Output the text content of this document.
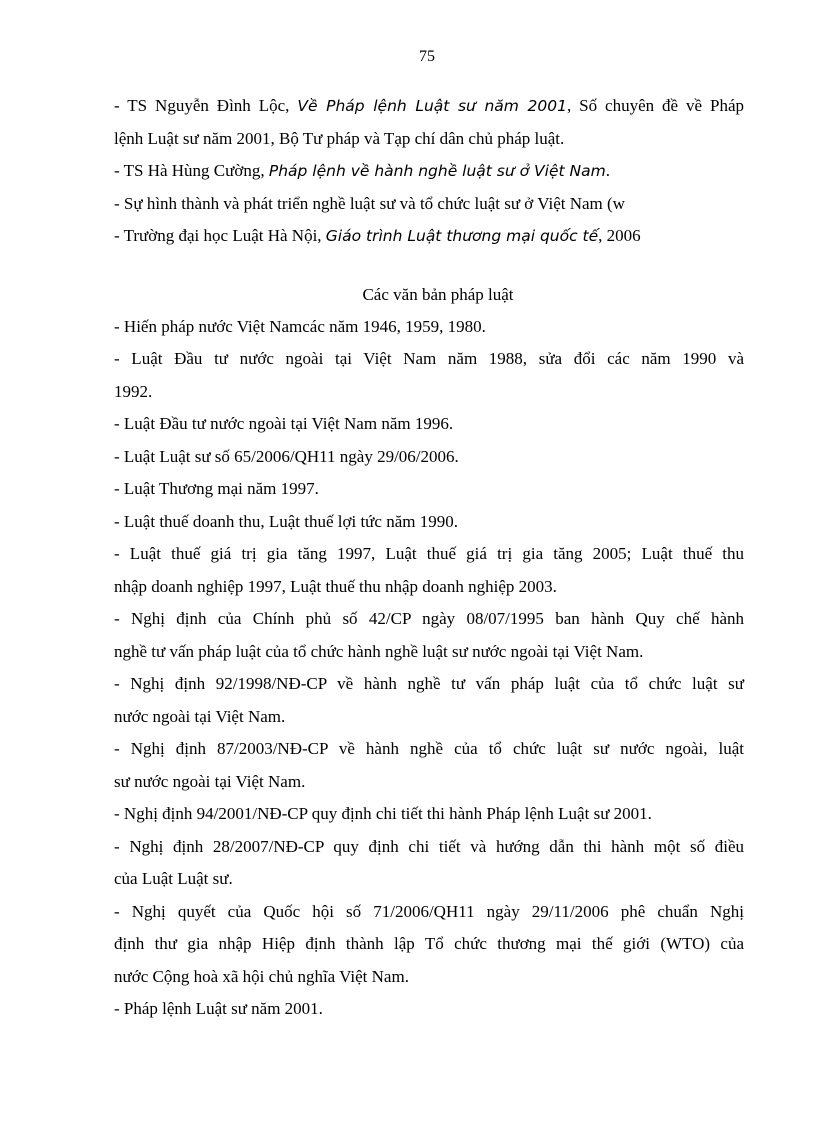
75
- TS Nguyễn Đình Lộc, Về Pháp lệnh Luật sư năm 2001, Số chuyên đề về Pháp
lệnh Luật sư năm 2001, Bộ Tư pháp và Tạp chí dân chủ pháp luật.
- TS Hà Hùng Cường, Pháp lệnh về hành nghề luật sư ở Việt Nam.
- Sự hình thành và phát triển nghề luật sư và tổ chức luật sư ở Việt Nam (w
- Trường đại học Luật Hà Nội, Giáo trình Luật thương mại quốc tế, 2006
Các văn bản pháp luật
- Hiến pháp nước Việt Namcác năm 1946, 1959, 1980.
- Luật Đầu tư nước ngoài tại Việt Nam năm 1988, sửa đổi các năm 1990 và
1992.
- Luật Đầu tư nước ngoài tại Việt Nam năm 1996.
- Luật Luật sư số 65/2006/QH11 ngày 29/06/2006.
- Luật Thương mại năm 1997.
- Luật thuế doanh thu, Luật thuế lợi tức năm 1990.
- Luật thuế giá trị gia tăng 1997, Luật thuế giá trị gia tăng 2005; Luật thuế thu
nhập doanh nghiệp 1997, Luật thuế thu nhập doanh nghiệp 2003.
- Nghị định của Chính phủ số 42/CP ngày 08/07/1995 ban hành Quy chế hành
nghề tư vấn pháp luật của tổ chức hành nghề luật sư nước ngoài tại Việt Nam.
- Nghị định 92/1998/NĐ-CP về hành nghề tư vấn pháp luật của tổ chức luật sư
nước ngoài tại Việt Nam.
- Nghị định 87/2003/NĐ-CP về hành nghề của tổ chức luật sư nước ngoài, luật
sư nước ngoài tại Việt Nam.
- Nghị định 94/2001/NĐ-CP quy định chi tiết thi hành Pháp lệnh Luật sư 2001.
- Nghị định 28/2007/NĐ-CP quy định chi tiết và hướng dẫn thi hành một số điều
của Luật Luật sư.
- Nghị quyết của Quốc hội số 71/2006/QH11 ngày 29/11/2006 phê chuẩn Nghị
định thư gia nhập Hiệp định thành lập Tổ chức thương mại thế giới (WTO) của
nước Cộng hoà xã hội chủ nghĩa Việt Nam.
- Pháp lệnh Luật sư năm 2001.
